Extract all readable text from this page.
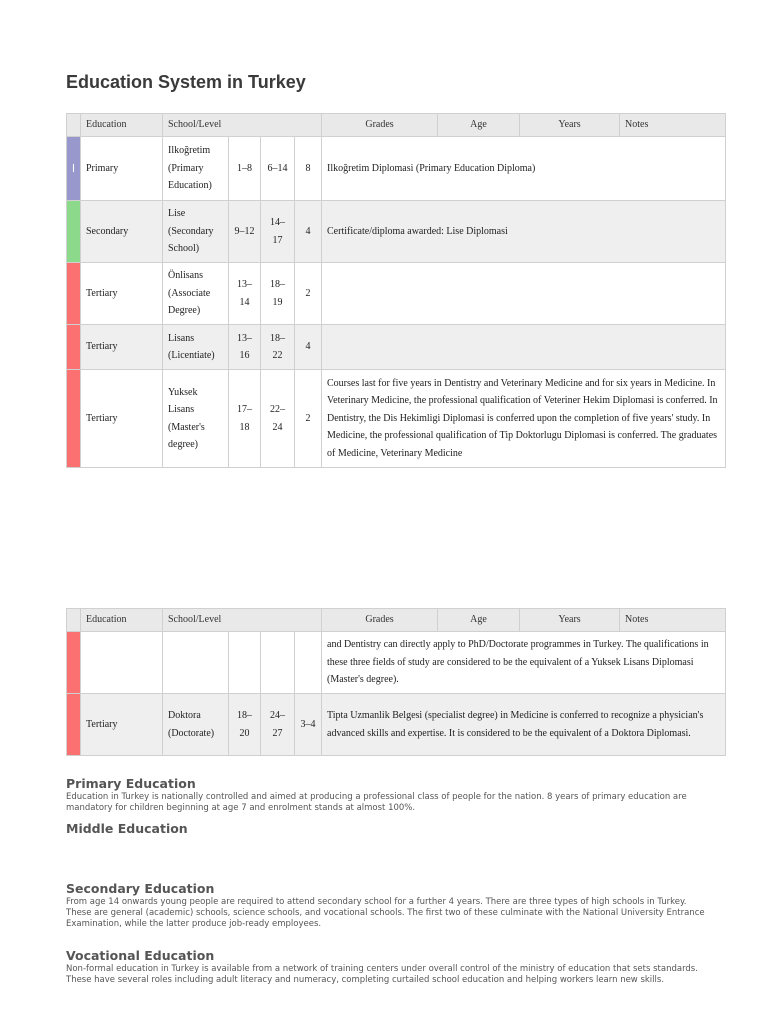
Education System in Turkey
	Education	School/Level				Grades	Age	Years	Notes

I	Primary	Ilkoğretim (Primary Education)	1–8	6–14	8	Ilkoğretim Diplomasi (Primary Education Diploma)			
	Secondary	Lise (Secondary School)	9–12	14–17	4	Certificate/diploma awarded: Lise Diplomasi			
	Tertiary	Önlisans (Associate Degree)	13–14	18–19	2				
	Tertiary	Lisans (Licentiate)	13–16	18–22	4				
	Tertiary	Yuksek Lisans (Master's degree)	17–18	22–24	2	Courses last for five years in Dentistry and Veterinary Medicine and for six years in Medicine. In Veterinary Medicine, the professional qualification of Veteriner Hekim Diplomasi is conferred. In Dentistry, the Dis Hekimligi Diplomasi is conferred upon the completion of five years' study. In Medicine, the professional qualification of Tip Doktorlugu Diplomasi is conferred. The graduates of Medicine, Veterinary Medicine			
	Education	School/Level				Grades	Age	Years	Notes
						and Dentistry can directly apply to PhD/Doctorate programmes in Turkey. The qualifications in these three fields of study are considered to be the equivalent of a Yuksek Lisans Diplomasi (Master's degree).			
	Tertiary	Doktora (Doctorate)	18–20	24–27	3–4	Tipta Uzmanlik Belgesi (specialist degree) in Medicine is conferred to recognize a physician's advanced skills and expertise. It is considered to be the equivalent of a Doktora Diplomasi.			
Primary Education
Education in Turkey is nationally controlled and aimed at producing a professional class of people for the nation. 8 years of primary education are mandatory for children beginning at age 7 and enrolment stands at almost 100%.
Middle Education
Secondary Education
From age 14 onwards young people are required to attend secondary school for a further 4 years. There are three types of high schools in Turkey. These are general (academic) schools, science schools, and vocational schools. The first two of these culminate with the National University Entrance Examination, while the latter produce job-ready employees.
Vocational Education
Non-formal education in Turkey is available from a network of training centers under overall control of the ministry of education that sets standards. These have several roles including adult literacy and numeracy, completing curtailed school education and helping workers learn new skills.
